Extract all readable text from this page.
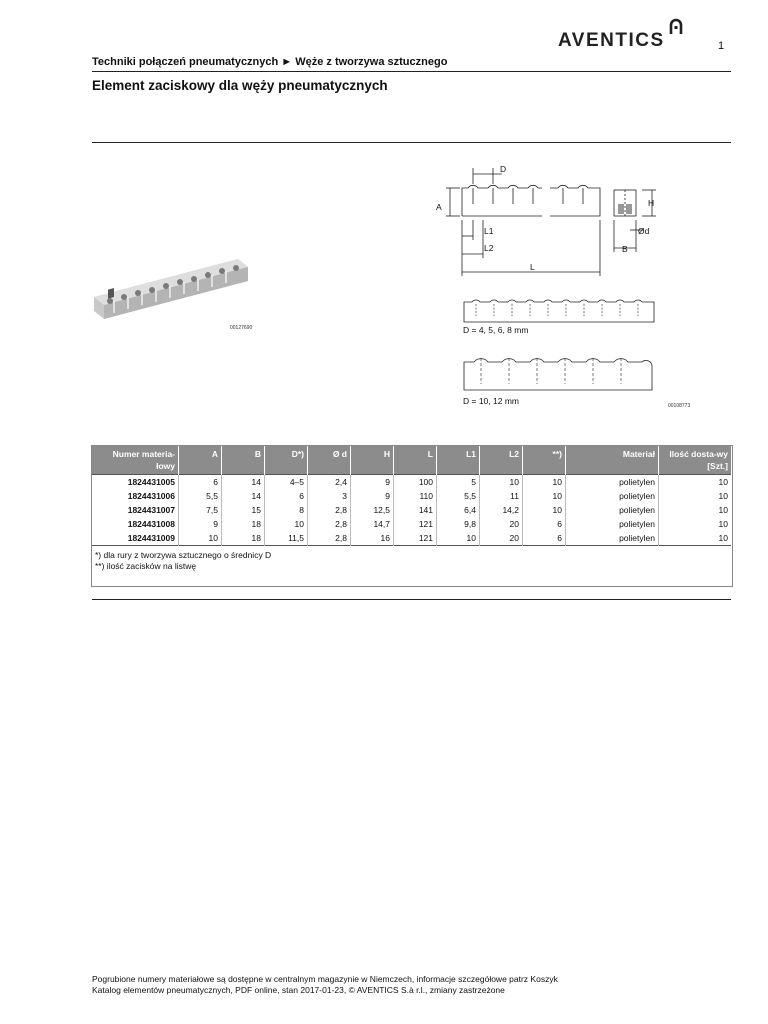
AVENTICS	1
Techniki połączeń pneumatycznych ► Węże z tworzywa sztucznego
Element zaciskowy dla węży pneumatycznych
00127690
D
A	H
L1
L2
L
Ød
B
D = 4, 5, 6, 8 mm
D = 10, 12 mm	00108773
Numer materia-łowy	A	B	D*)	Ø d	H	L	L1	L2	**)	Materiał	Ilość dosta-wy [Szt.]
1824431005	6	14	4–5	2,4	9	100	5	10	10	polietylen	10
1824431006	5,5	14	6	3	9	110	5,5	11	10	polietylen	10
1824431007	7,5	15	8	2,8	12,5	141	6,4	14,2	10	polietylen	10
1824431008	9	18	10	2,8	14,7	121	9,8	20	6	polietylen	10
1824431009	10	18	11,5	2,8	16	121	10	20	6	polietylen	10

*) dla rury z tworzywa sztucznego o średnicy D
**) ilość zacisków na listwę											
Pogrubione numery materiałowe są dostępne w centralnym magazynie w Niemczech, informacje szczegółowe patrz Koszyk
Katalog elementów pneumatycznych, PDF online, stan 2017-01-23, © AVENTICS S.à r.l., zmiany zastrzeżone
